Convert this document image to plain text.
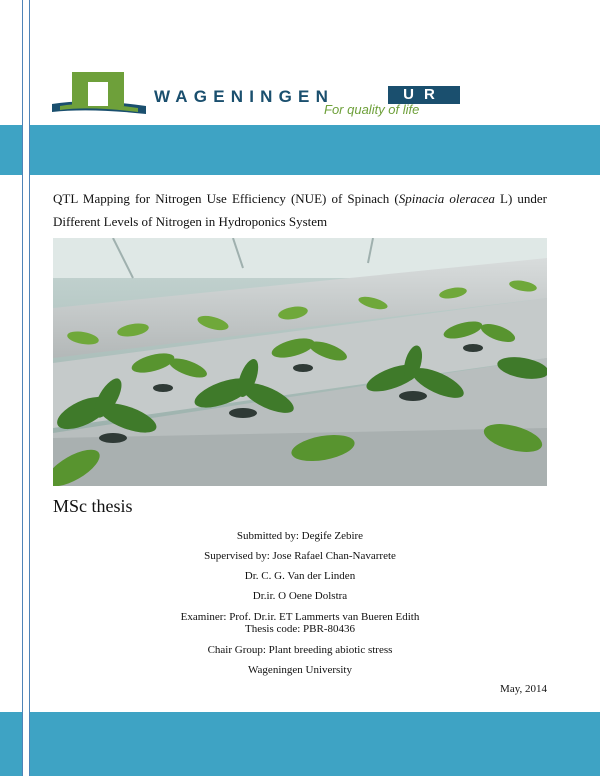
WAGENINGEN	UR
For quality of life
QTL Mapping for Nitrogen Use Efficiency (NUE) of Spinach (Spinacia oleracea L) under Different Levels of Nitrogen in Hydroponics System
MSc thesis
Submitted by: Degife Zebire
Supervised by: Jose Rafael Chan-Navarrete
Dr. C. G. Van der Linden
Dr.ir. O Oene Dolstra
Examiner: Prof. Dr.ir. ET Lammerts van Bueren Edith
Thesis code: PBR-80436
Chair Group: Plant breeding abiotic stress
Wageningen University
May, 2014
